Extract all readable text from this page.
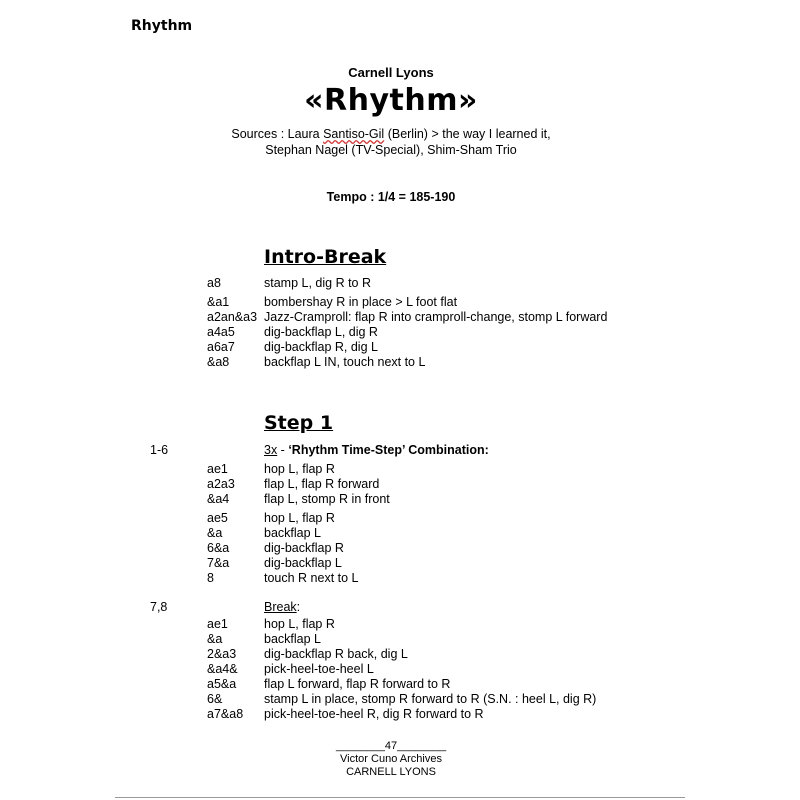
Rhythm
Carnell Lyons
«Rhythm»
Sources : Laura Santiso-Gil (Berlin) > the way I learned it,
Stephan Nagel (TV-Special), Shim-Sham Trio
Tempo : 1/4 = 185-190
Intro-Break
a8	stamp L, dig R to R
&a1	bombershay R in place > L foot flat
a2an&a3 Jazz-Cramproll: flap R into cramproll-change, stomp L forward
a4a5 dig-backflap L, dig R
a6a7 dig-backflap R, dig L
&a8	backflap L IN, touch next to L
Step 1
1-6	3x - ‘Rhythm Time-Step’ Combination:
ae1	hop L, flap R
a2a3 flap L, flap R forward
&a4	flap L, stomp R in front
ae5	hop L, flap R
&a	backflap L
6&a	dig-backflap R
7&a	dig-backflap L
8	touch R next to L
7,8	Break:
ae1	hop L, flap R
&a	backflap L
2&a3 dig-backflap R back, dig L
&a4& pick-heel-toe-heel L
a5&a flap L forward, flap R forward to R
6&	stamp L in place, stomp R forward to R (S.N. : heel L, dig R)
a7&a8 pick-heel-toe-heel R, dig R forward to R
________47________
Victor Cuno Archives
CARNELL LYONS
